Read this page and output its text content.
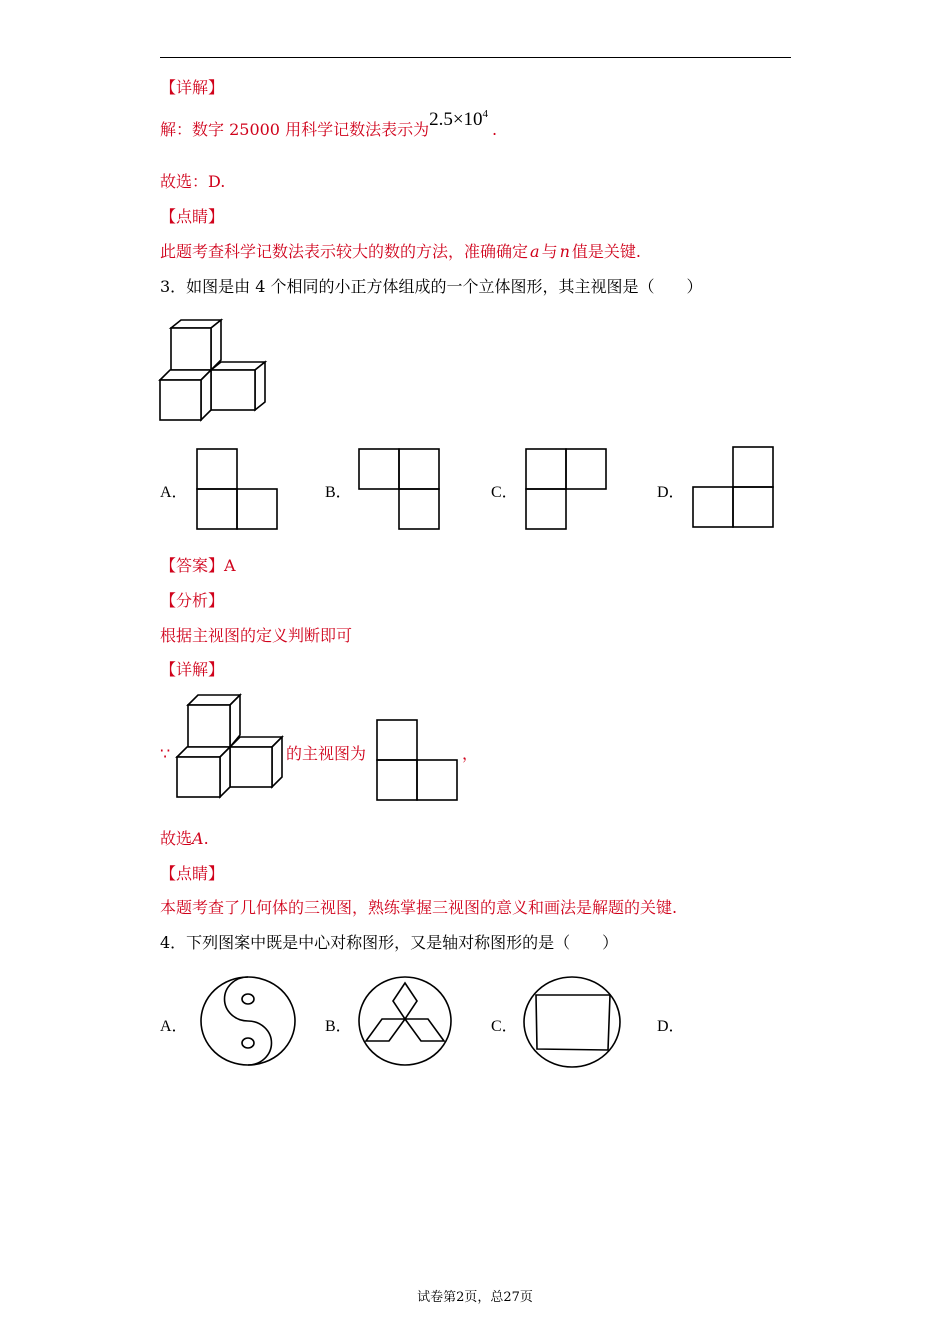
【详解】
解：数字 25000 用科学记数法表示为$2.5\times 10^4$.
故选：D.
【点睛】
此题考查科学记数法表示较大的数的方法，准确确定 a 与 n 值是关键.
3．如图是由 4 个相同的小正方体组成的一个立体图形，其主视图是（　　）
A．	B．	C．	D．
【答案】A
【分析】
根据主视图的定义判断即可
【详解】
∵	的主视图为	，
故选A.
【点睛】
本题考查了几何体的三视图，熟练掌握三视图的意义和画法是解题的关键.
4．下列图案中既是中心对称图形，又是轴对称图形的是（　　）
A．	B．	C．	D．
试卷第2页，总27页
